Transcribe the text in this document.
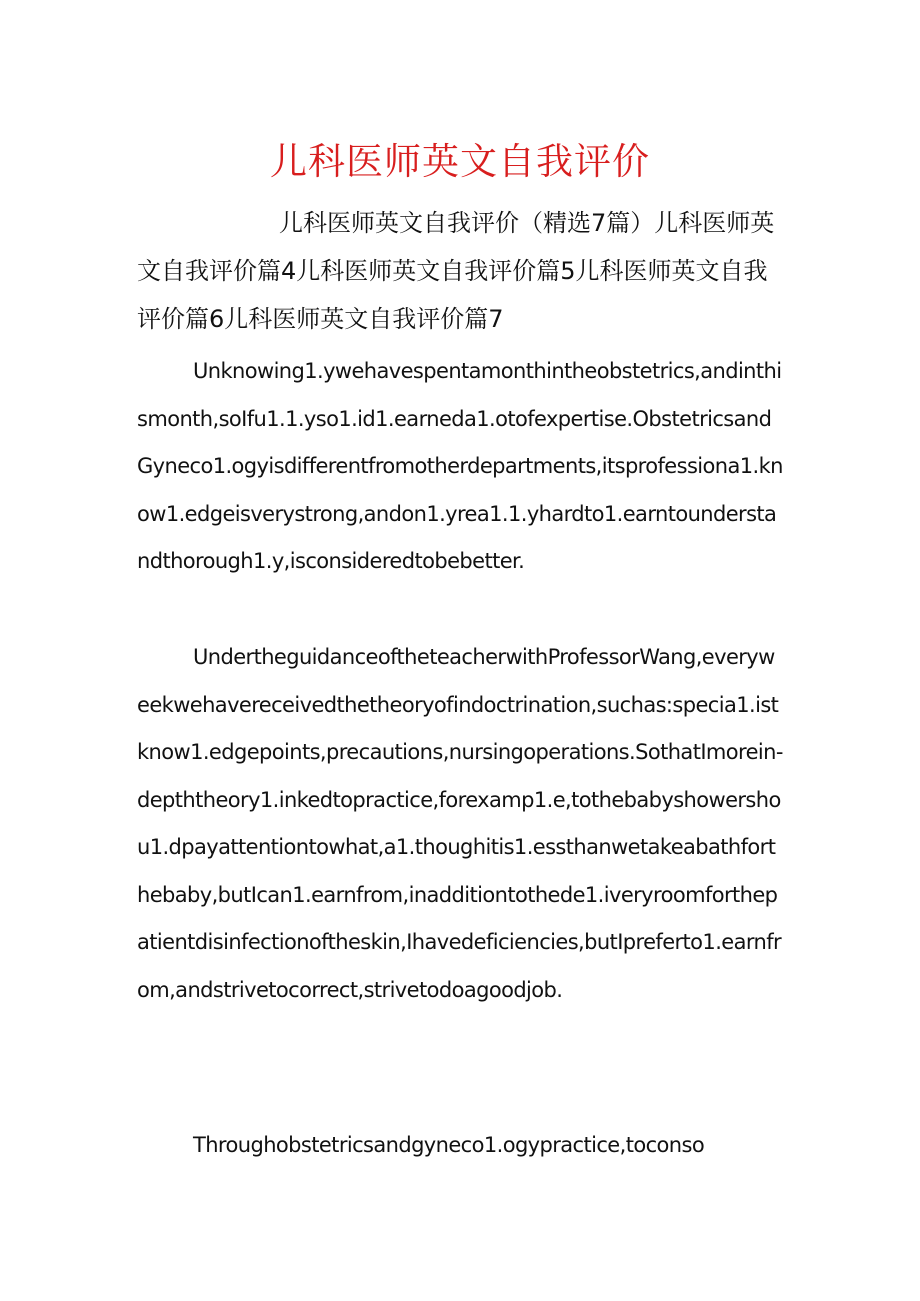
儿科医师英文自我评价
儿科医师英文自我评价（精选7篇）儿科医师英文自我评价篇4儿科医师英文自我评价篇5儿科医师英文自我评价篇6儿科医师英文自我评价篇7
Unknowing1.ywehavespentamonthintheobstetrics,andinthismonth,soIfu1.1.yso1.id1.earneda1.otofexpertise.ObstetricsandGyneco1.ogyisdifferentfromotherdepartments,itsprofessiona1.know1.edgeisverystrong,andon1.yrea1.1.yhardto1.earntounderstandthorough1.y,isconsideredtobebetter.
UndertheguidanceoftheteacherwithProfessorWang,everyweekwehavereceivedthetheoryofindoctrination,suchas:specia1.istknow1.edgepoints,precautions,nursingoperations.SothatImorein-depththeory1.inkedtopractice,forexamp1.e,tothebabyshowershou1.dpayattentiontowhat,a1.thoughitis1.essthanwetakeabathforthebaby,butIcan1.earnfrom,inadditiontothede1.iveryroomforthepatientdisinfectionoftheskin,Ihavedeficiencies,butIpreferto1.earnfrom,andstrivetocorrect,strivetodoagoodjob.
Throughobstetricsandgyneco1.ogypractice,toconso
